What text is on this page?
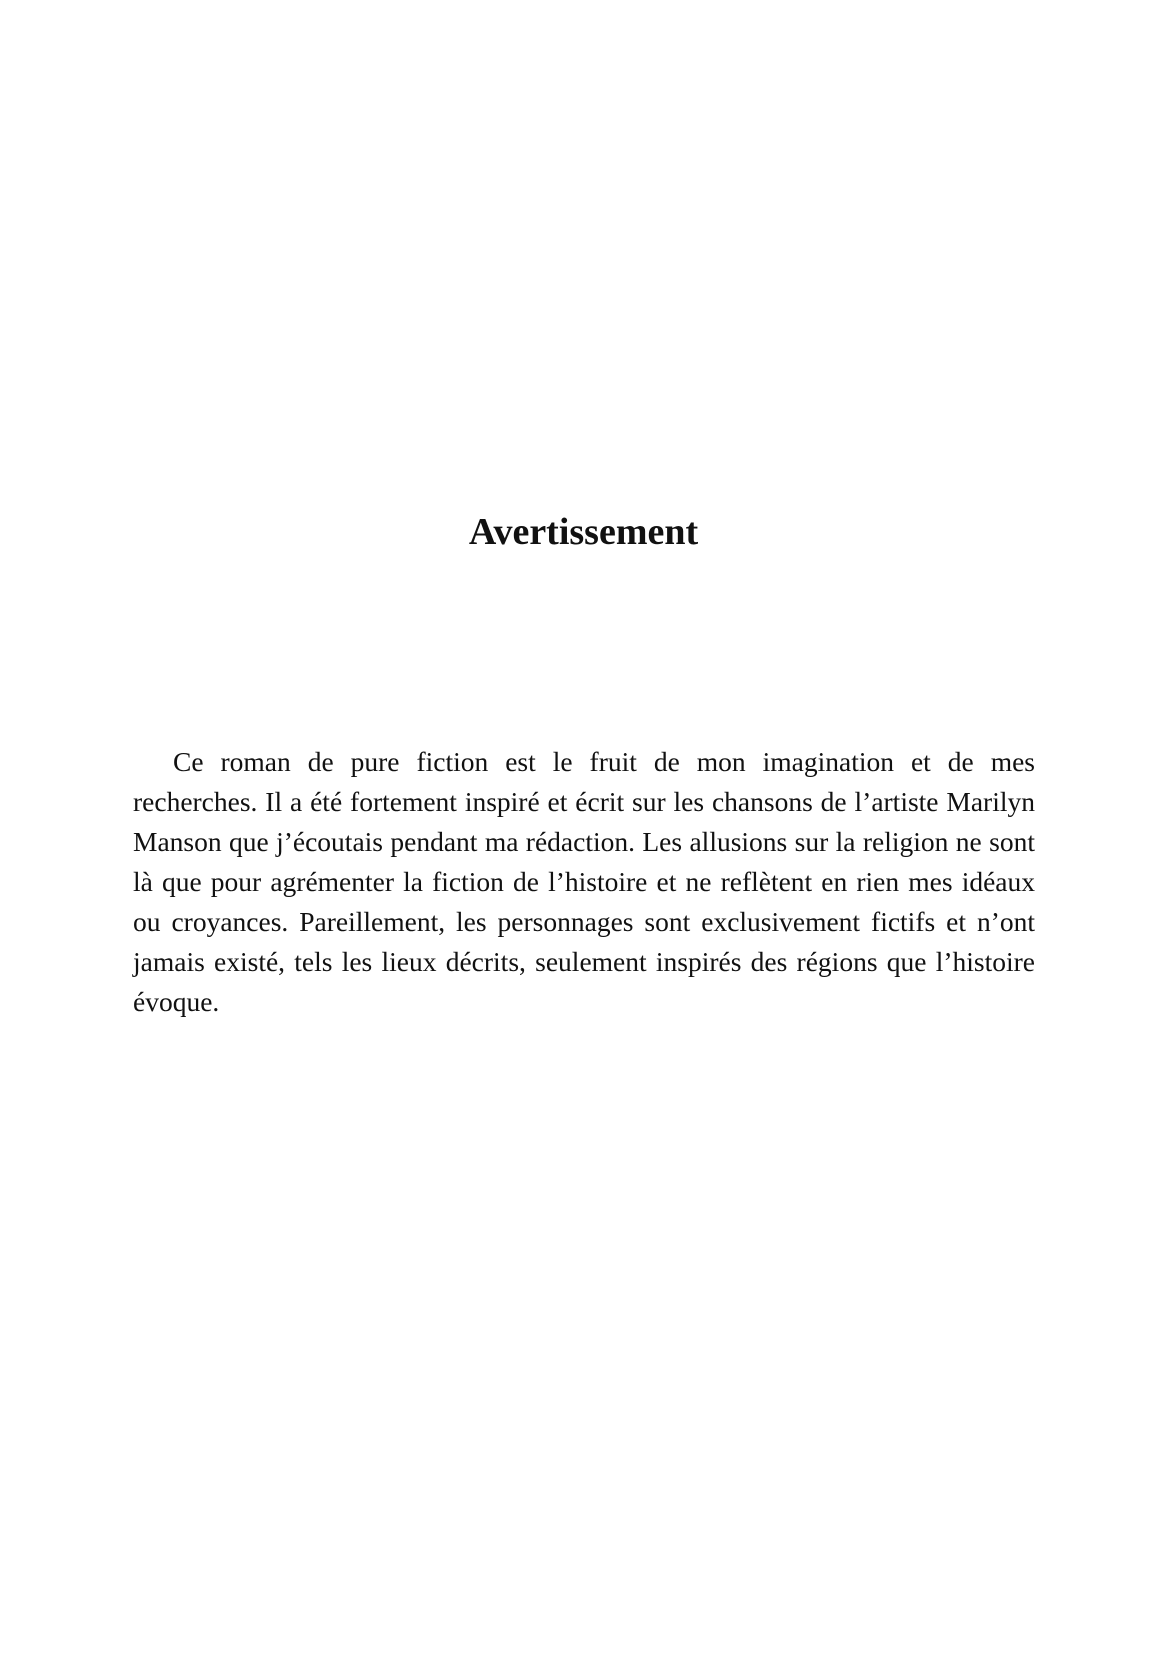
Avertissement

Ce roman de pure fiction est le fruit de mon imagination et de mes recherches. Il a été fortement inspiré et écrit sur les chansons de l’artiste Marilyn Manson que j’écoutais pendant ma rédaction. Les allusions sur la religion ne sont là que pour agrémenter la fiction de l’histoire et ne reflètent en rien mes idéaux ou croyances. Pareillement, les personnages sont exclusivement fictifs et n’ont jamais existé, tels les lieux décrits, seulement inspirés des régions que l’histoire évoque.
